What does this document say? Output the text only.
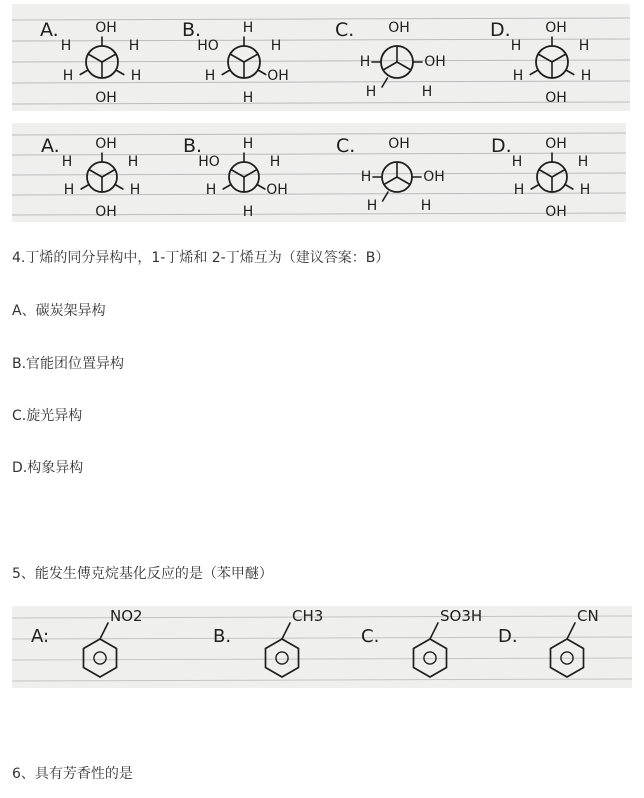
A.	OH
H	H
H	H
OH
B.	H
HO	H
H	OH
H
C. OH
H	OH
H	H
D. OH
H	H
H	H
OH
A.	OH
H	H
H	H
OH
B.	H
HO	H
H	OH
H
C. OH
H	OH
H	H
D. OH
H	H
H	H
OH
4.丁烯的同分异构中，1-丁烯和 2-丁烯互为（建议答案：B）
A、碳炭架异构
B.官能团位置异构
C.旋光异构
D.构象异构
5、能发生傅克烷基化反应的是（苯甲醚）
A:
NO2
B.
CH3
C.
SO3H
D.
CN
6、具有芳香性的是
